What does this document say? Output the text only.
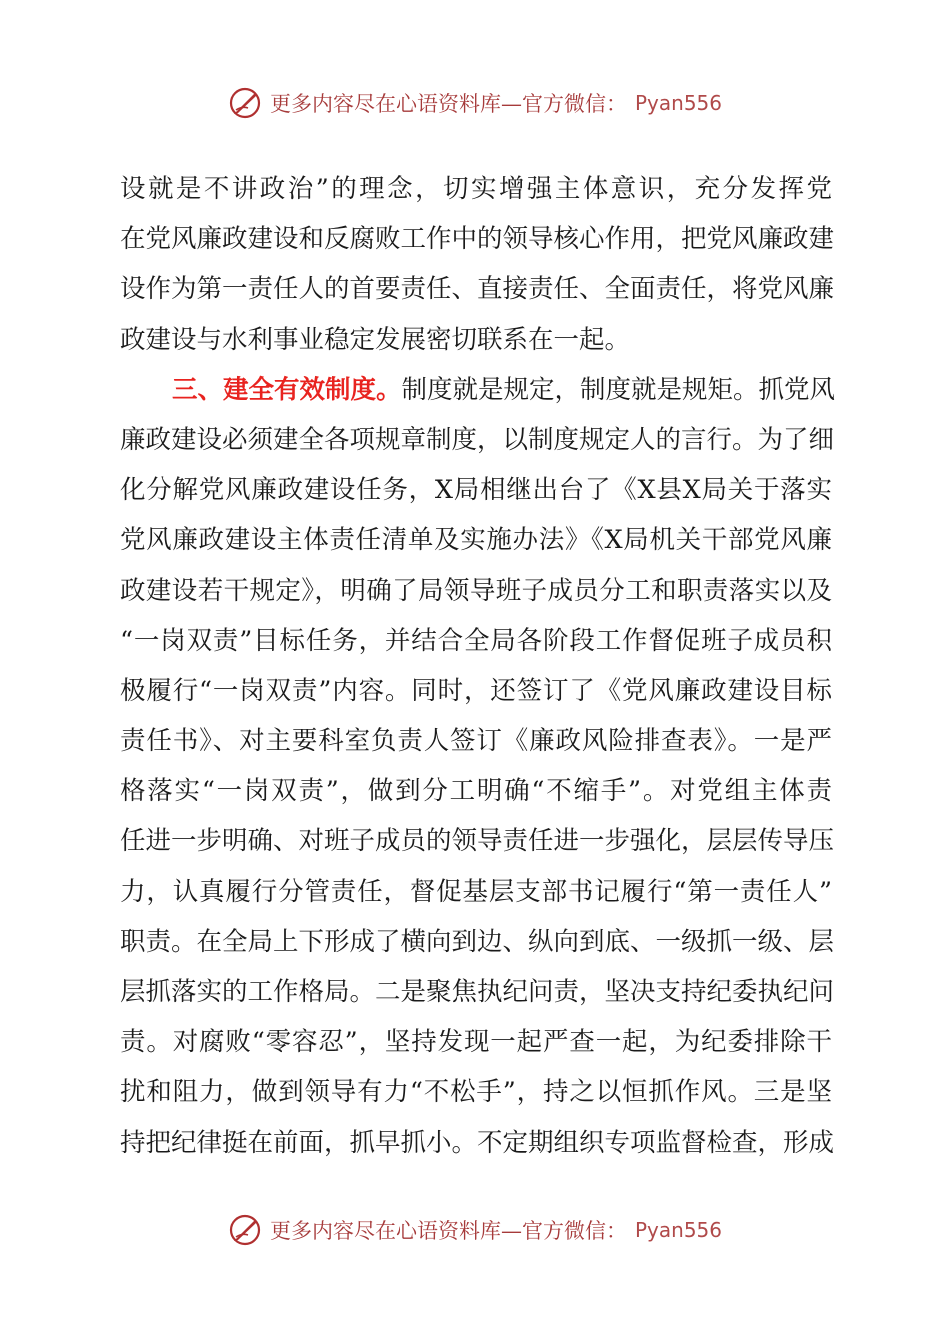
更多内容尽在心语资料库—官方微信： Pyan556
设就是不讲政治”的理念，切实增强主体意识，充分发挥党
在党风廉政建设和反腐败工作中的领导核心作用，把党风廉政建
设作为第一责任人的首要责任、直接责任、全面责任，将党风廉
政建设与水利事业稳定发展密切联系在一起。
三、建全有效制度。制度就是规定，制度就是规矩。抓党风
廉政建设必须建全各项规章制度，以制度规定人的言行。为了细
化分解党风廉政建设任务，X局相继出台了《X县X局关于落实
党风廉政建设主体责任清单及实施办法》《X局机关干部党风廉
政建设若干规定》，明确了局领导班子成员分工和职责落实以及
“一岗双责”目标任务，并结合全局各阶段工作督促班子成员积
极履行“一岗双责”内容。同时，还签订了《党风廉政建设目标
责任书》、对主要科室负责人签订《廉政风险排查表》。一是严
格落实“一岗双责”，做到分工明确“不缩手”。对党组主体责
任进一步明确、对班子成员的领导责任进一步强化，层层传导压
力，认真履行分管责任，督促基层支部书记履行“第一责任人”
职责。在全局上下形成了横向到边、纵向到底、一级抓一级、层
层抓落实的工作格局。二是聚焦执纪问责，坚决支持纪委执纪问
责。对腐败“零容忍”，坚持发现一起严查一起，为纪委排除干
扰和阻力，做到领导有力“不松手”，持之以恒抓作风。三是坚
持把纪律挺在前面，抓早抓小。不定期组织专项监督检查，形成
更多内容尽在心语资料库—官方微信： Pyan556
